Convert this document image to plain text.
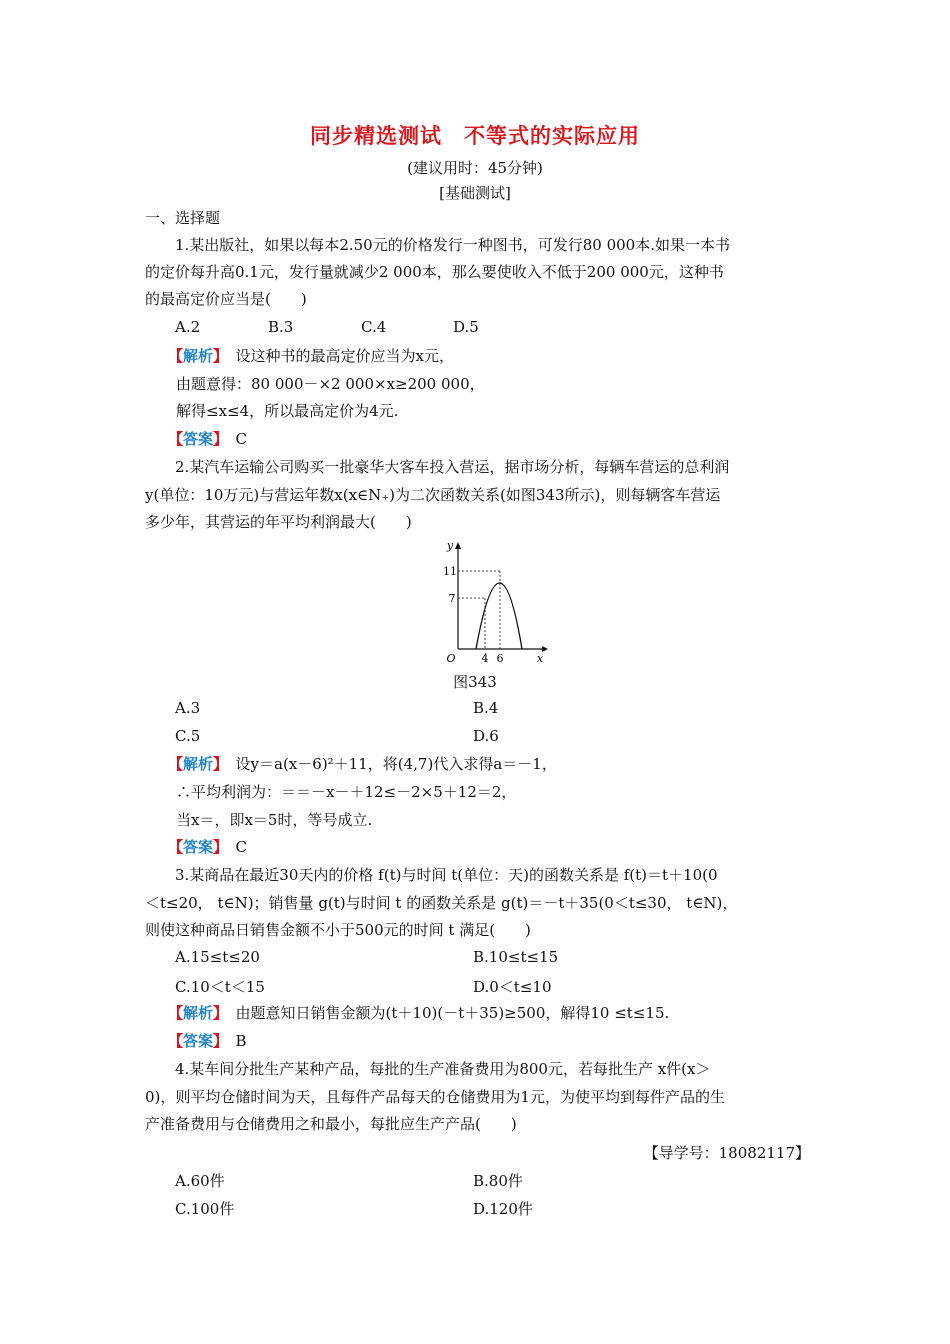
同步精选测试　不等式的实际应用
(建议用时：45分钟)
[基础测试]
一、选择题
1.某出版社，如果以每本2.50元的价格发行一种图书，可发行80 000本.如果一本书
的定价每升高0.1元，发行量就减少2 000本，那么要使收入不低于200 000元，这种书
的最高定价应当是(　　)
A.2	B.3	C.4	D.5
【解析】　设这种书的最高定价应当为x元，
由题意得：80 000－×2 000×x≥200 000，
解得≤x≤4，所以最高定价为4元.
【答案】　C
2.某汽车运输公司购买一批豪华大客车投入营运，据市场分析，每辆车营运的总利润
y(单位：10万元)与营运年数x(x∈N₊)为二次函数关系(如图343所示)，则每辆客车营运
多少年，其营运的年平均利润最大(　　)
y
x
O
11
7
4 6
图343
A.3	B.4
C.5	D.6
【解析】　设y＝a(x－6)²＋11，将(4,7)代入求得a＝－1，
∴平均利润为：＝＝－x－＋12≤－2×5＋12＝2，
当x＝，即x＝5时，等号成立.
【答案】　C
3.某商品在最近30天内的价格 f(t)与时间 t(单位：天)的函数关系是 f(t)＝t＋10(0
＜t≤20， t∈N)；销售量 g(t)与时间 t 的函数关系是 g(t)＝－t＋35(0＜t≤30， t∈N)，
则使这种商品日销售金额不小于500元的时间 t 满足(　　)
A.15≤t≤20	B.10≤t≤15
C.10＜t＜15	D.0＜t≤10
【解析】　由题意知日销售金额为(t＋10)(－t＋35)≥500，解得10 ≤t≤15.
【答案】　B
4.某车间分批生产某种产品，每批的生产准备费用为800元，若每批生产 x件(x＞
0)，则平均仓储时间为天，且每件产品每天的仓储费用为1元，为使平均到每件产品的生
产准备费用与仓储费用之和最小，每批应生产产品(　　)
【导学号：18082117】
A.60件	B.80件
C.100件	D.120件
